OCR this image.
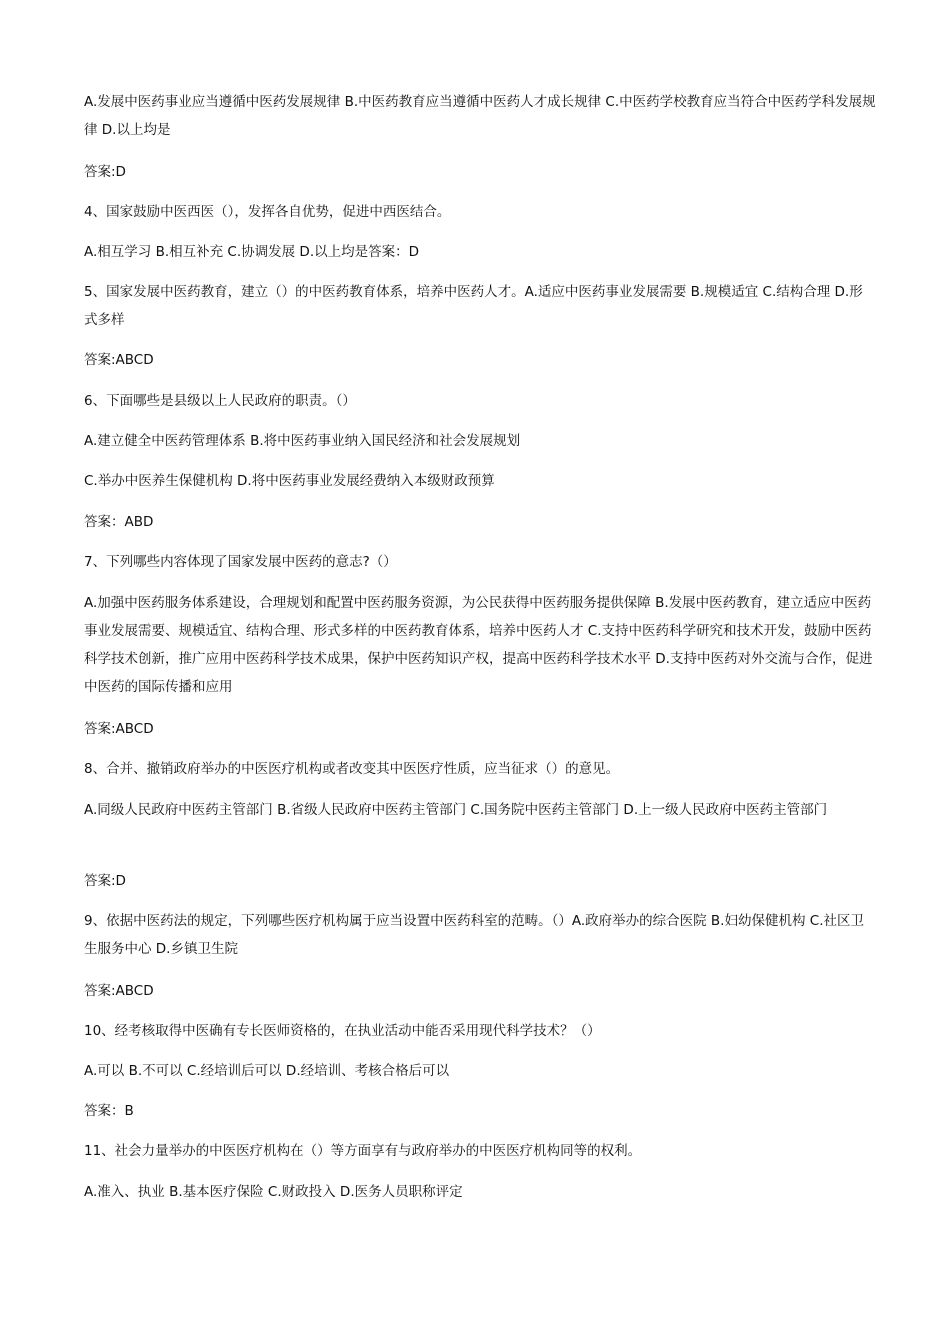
A.发展中医药事业应当遵循中医药发展规律 B.中医药教育应当遵循中医药人才成长规律 C.中医药学校教育应当符合中医药学科发展规律 D.以上均是

答案:D

4、国家鼓励中医西医（），发挥各自优势，促进中西医结合。

A.相互学习 B.相互补充 C.协调发展 D.以上均是答案：D

5、国家发展中医药教育，建立（）的中医药教育体系，培养中医药人才。A.适应中医药事业发展需要 B.规模适宜 C.结构合理 D.形式多样

答案:ABCD

6、下面哪些是县级以上人民政府的职责。（）

A.建立健全中医药管理体系 B.将中医药事业纳入国民经济和社会发展规划

C.举办中医养生保健机构 D.将中医药事业发展经费纳入本级财政预算

答案：ABD

7、下列哪些内容体现了国家发展中医药的意志?（）

A.加强中医药服务体系建设，合理规划和配置中医药服务资源，为公民获得中医药服务提供保障 B.发展中医药教育，建立适应中医药事业发展需要、规模适宜、结构合理、形式多样的中医药教育体系，培养中医药人才 C.支持中医药科学研究和技术开发，鼓励中医药科学技术创新，推广应用中医药科学技术成果，保护中医药知识产权，提高中医药科学技术水平 D.支持中医药对外交流与合作，促进中医药的国际传播和应用

答案:ABCD

8、合并、撤销政府举办的中医医疗机构或者改变其中医医疗性质，应当征求（）的意见。

A.同级人民政府中医药主管部门 B.省级人民政府中医药主管部门 C.国务院中医药主管部门 D.上一级人民政府中医药主管部门

答案:D

9、依据中医药法的规定，下列哪些医疗机构属于应当设置中医药科室的范畴。（）A.政府举办的综合医院 B.妇幼保健机构 C.社区卫生服务中心 D.乡镇卫生院

答案:ABCD

10、经考核取得中医确有专长医师资格的，在执业活动中能否采用现代科学技术？（）

A.可以 B.不可以 C.经培训后可以 D.经培训、考核合格后可以

答案：B

11、社会力量举办的中医医疗机构在（）等方面享有与政府举办的中医医疗机构同等的权利。

A.准入、执业 B.基本医疗保险 C.财政投入 D.医务人员职称评定
